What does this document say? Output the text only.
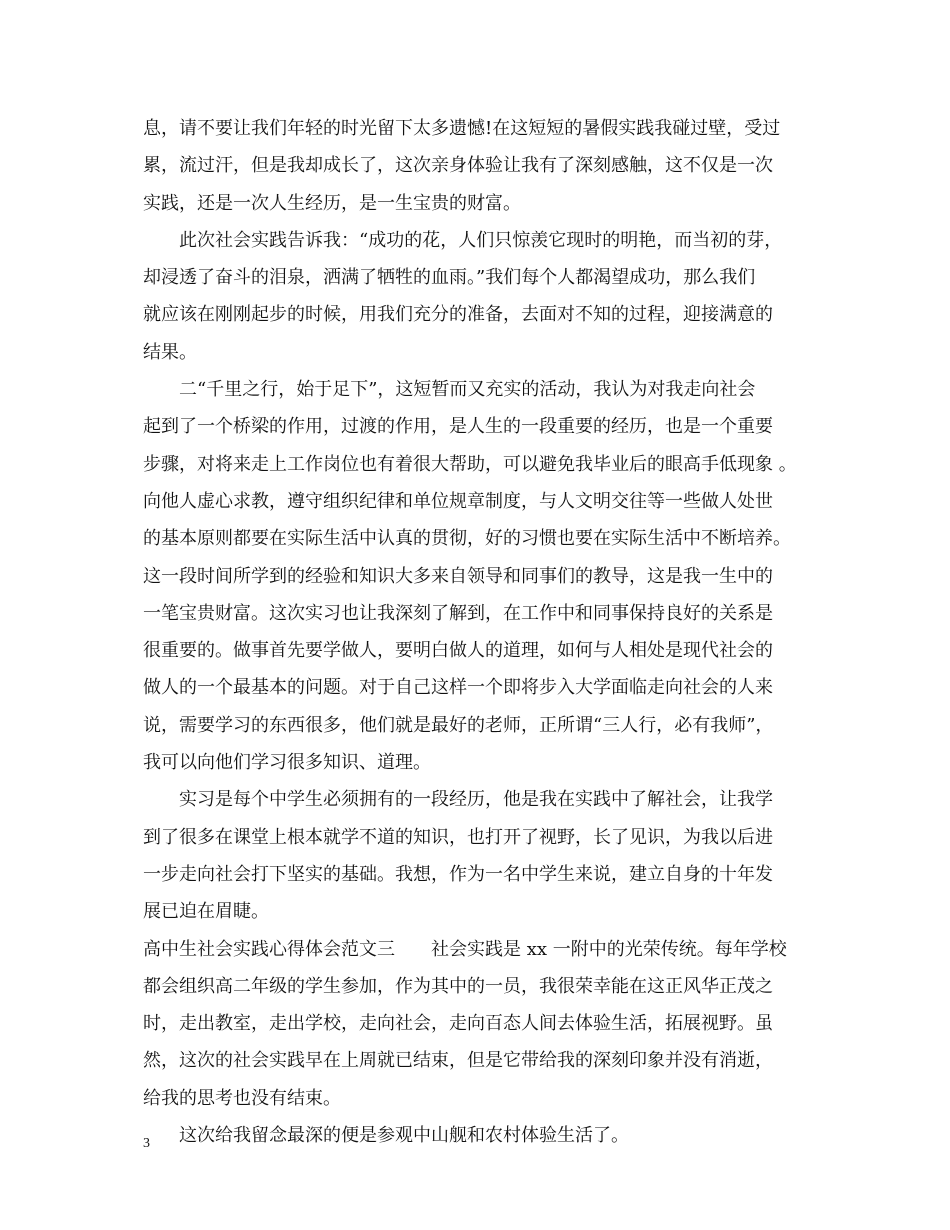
息，请不要让我们年轻的时光留下太多遗憾!在这短短的暑假实践我碰过壁，受过
累，流过汗，但是我却成长了，这次亲身体验让我有了深刻感触，这不仅是一次
实践，还是一次人生经历，是一生宝贵的财富。
此次社会实践告诉我：“成功的花，人们只惊羡它现时的明艳，而当初的芽，
却浸透了奋斗的泪泉，洒满了牺牲的血雨。”我们每个人都渴望成功，那么我们
就应该在刚刚起步的时候，用我们充分的准备，去面对不知的过程，迎接满意的
结果。
二“千里之行，始于足下”，这短暂而又充实的活动，我认为对我走向社会
起到了一个桥梁的作用，过渡的作用，是人生的一段重要的经历，也是一个重要
步骤，对将来走上工作岗位也有着很大帮助，可以避免我毕业后的眼高手低现象 。
向他人虚心求教，遵守组织纪律和单位规章制度，与人文明交往等一些做人处世
的基本原则都要在实际生活中认真的贯彻，好的习惯也要在实际生活中不断培养。
这一段时间所学到的经验和知识大多来自领导和同事们的教导，这是我一生中的
一笔宝贵财富。这次实习也让我深刻了解到，在工作中和同事保持良好的关系是
很重要的。做事首先要学做人，要明白做人的道理，如何与人相处是现代社会的
做人的一个最基本的问题。对于自己这样一个即将步入大学面临走向社会的人来
说，需要学习的东西很多，他们就是最好的老师，正所谓“三人行，必有我师”，
我可以向他们学习很多知识、道理。
实习是每个中学生必须拥有的一段经历，他是我在实践中了解社会，让我学
到了很多在课堂上根本就学不道的知识，也打开了视野，长了见识，为我以后进
一步走向社会打下坚实的基础。我想，作为一名中学生来说，建立自身的十年发
展已迫在眉睫。
高中生社会实践心得体会范文三　　社会实践是 xx 一附中的光荣传统。每年学校
都会组织高二年级的学生参加，作为其中的一员，我很荣幸能在这正风华正茂之
时，走出教室，走出学校，走向社会，走向百态人间去体验生活，拓展视野。虽
然，这次的社会实践早在上周就已结束，但是它带给我的深刻印象并没有消逝，
给我的思考也没有结束。
这次给我留念最深的便是参观中山舰和农村体验生活了。
3
